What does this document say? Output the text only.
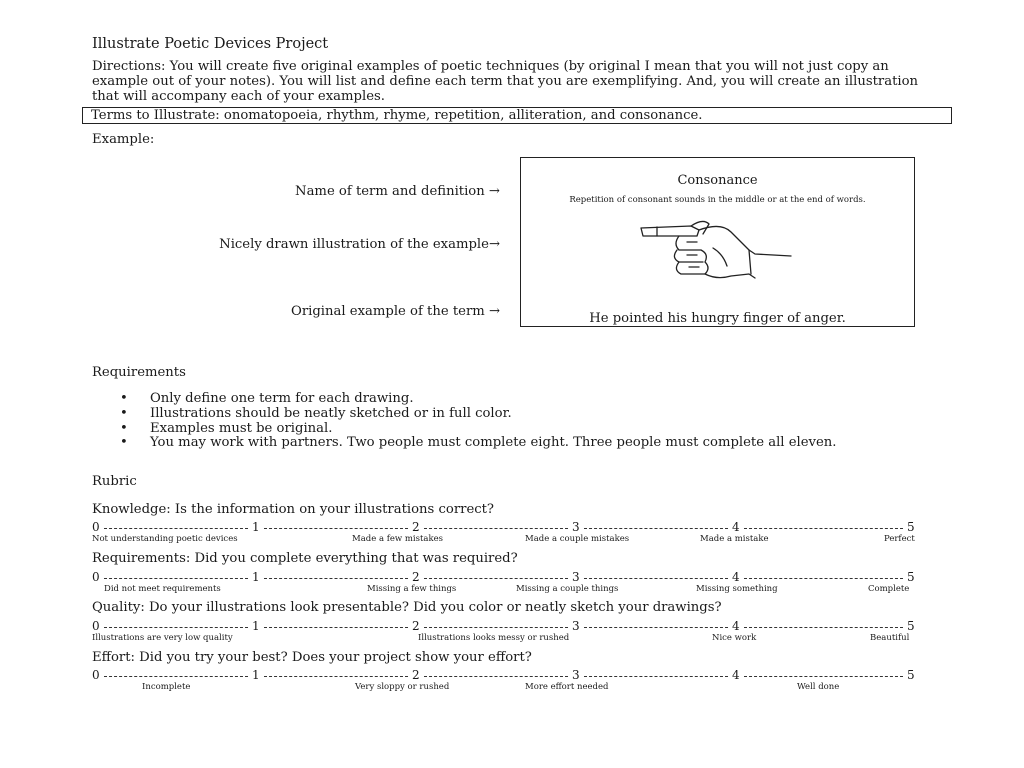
Illustrate Poetic Devices Project
Directions: You will create five original examples of poetic techniques (by original I mean that you will not just copy an example out of your notes). You will list and define each term that you are exemplifying. And, you will create an illustration that will accompany each of your examples.
Terms to Illustrate: onomatopoeia, rhythm, rhyme, repetition, alliteration, and consonance.
Example:
Name of term and definition →
Nicely drawn illustration of the example→
Original example of the term →
Consonance
Repetition of consonant sounds in the middle or at the end of words.
He pointed his hungry finger of anger.
Requirements
• Only define one term for each drawing.
• Illustrations should be neatly sketched or in full color.
• Examples must be original.
• You may work with partners. Two people must complete eight. Three people must complete all eleven.
Rubric
Knowledge: Is the information on your illustrations correct?
0	1	2	3	4	5
Not understanding poetic devices	Made a few mistakes	Made a couple mistakes	Made a mistake	Perfect
Requirements: Did you complete everything that was required?
0	1	2	3	4	5
Did not meet requirements	Missing a few things	Missing a couple things	Missing something	Complete
Quality: Do your illustrations look presentable? Did you color or neatly sketch your drawings?
0	1	2	3	4	5
Illustrations are very low quality	Illustrations looks messy or rushed	Nice work	Beautiful
Effort: Did you try your best? Does your project show your effort?
0	1	2	3	4	5
Incomplete	Very sloppy or rushed	More effort needed	Well done
